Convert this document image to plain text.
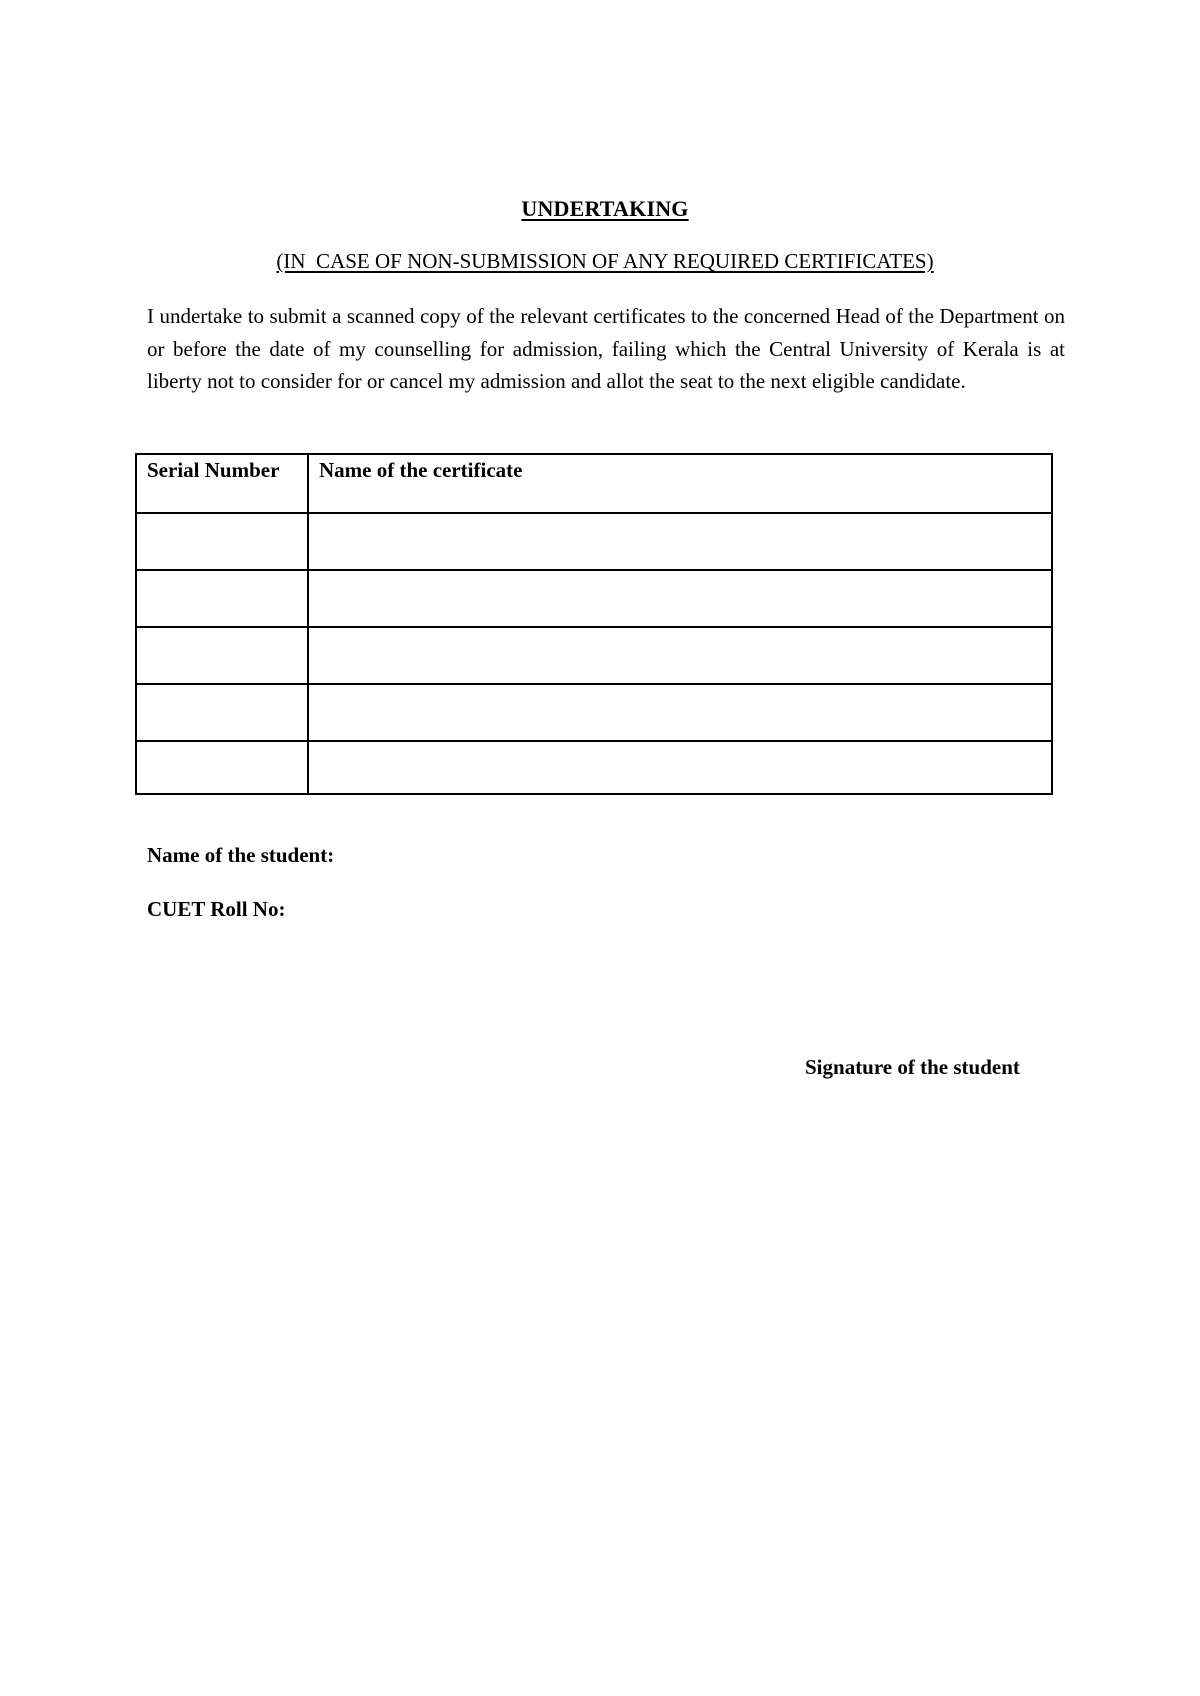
UNDERTAKING
(IN  CASE OF NON-SUBMISSION OF ANY REQUIRED CERTIFICATES)

I undertake to submit a scanned copy of the relevant certificates to the concerned Head of the Department on or before the date of my counselling for admission, failing which the Central University of Kerala is at liberty not to consider for or cancel my admission and allot the seat to the next eligible candidate.

Serial Number	Name of the certificate

Name of the student:
CUET Roll No:
Signature of the student
